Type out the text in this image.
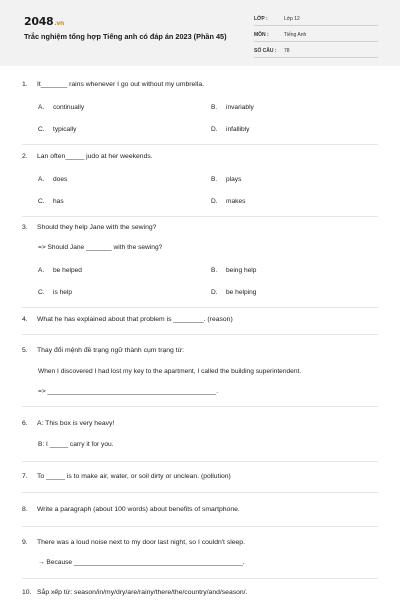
2048.vn
Trắc nghiệm tổng hợp Tiếng anh có đáp án 2023 (Phần 45)
LỚP :	Lớp 12
MÔN :	Tiếng Anh
SỐ CÂU : 78
1. It_______ rains whenever I go out without my umbrella.
A. continually	B. invariably
C. typically	D. infallibly
2. Lan often_____ judo at her weekends.
A. does	B. plays
C. has	D. makes
3. Should they help Jane with the sewing?
=> Should Jane _______ with the sewing?
A. be helped	B. being help
C. is help	D. be helping
4. What he has explained about that problem is ________. (reason)
5. Thay đổi mệnh đề trạng ngữ thành cụm trạng từ:
When I discovered I had lost my key to the apartment, I called the building superintendent.
=> ______________________________________________.
6. A: This box is very heavy!
B: I _____ carry it for you.
7. To _____ is to make air, water, or soil dirty or unclean. (pollution)
8. Write a paragraph (about 100 words) about benefits of smartphone.
9. There was a loud noise next to my door last night, so I couldn't sleep.
→ Because ______________________________________________.
10. Sắp xếp từ: season/in/my/dry/are/rainy/there/the/country/and/season/.
